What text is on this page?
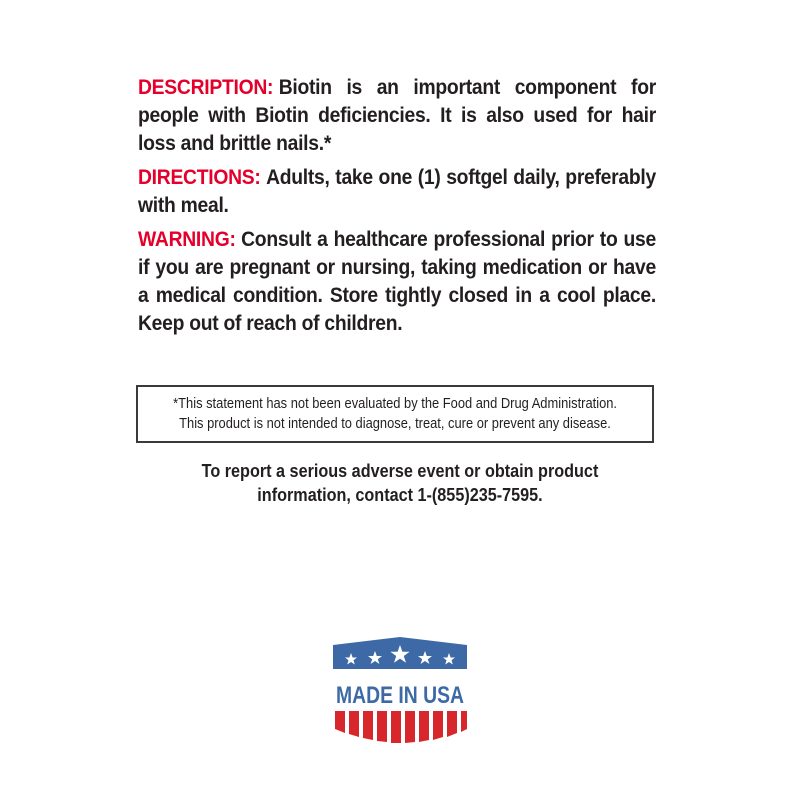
DESCRIPTION: Biotin is an important component for people with Biotin deficiencies. It is also used for hair loss and brittle nails.*

DIRECTIONS: Adults, take one (1) softgel daily, preferably with meal.

WARNING: Consult a healthcare professional prior to use if you are pregnant or nursing, taking medication or have a medical condition. Store tightly closed in a cool place. Keep out of reach of children.

*This statement has not been evaluated by the Food and Drug Administration.
This product is not intended to diagnose, treat, cure or prevent any disease.
To report a serious adverse event or obtain product
information, contact 1-(855)235-7595.
MADE IN USA
